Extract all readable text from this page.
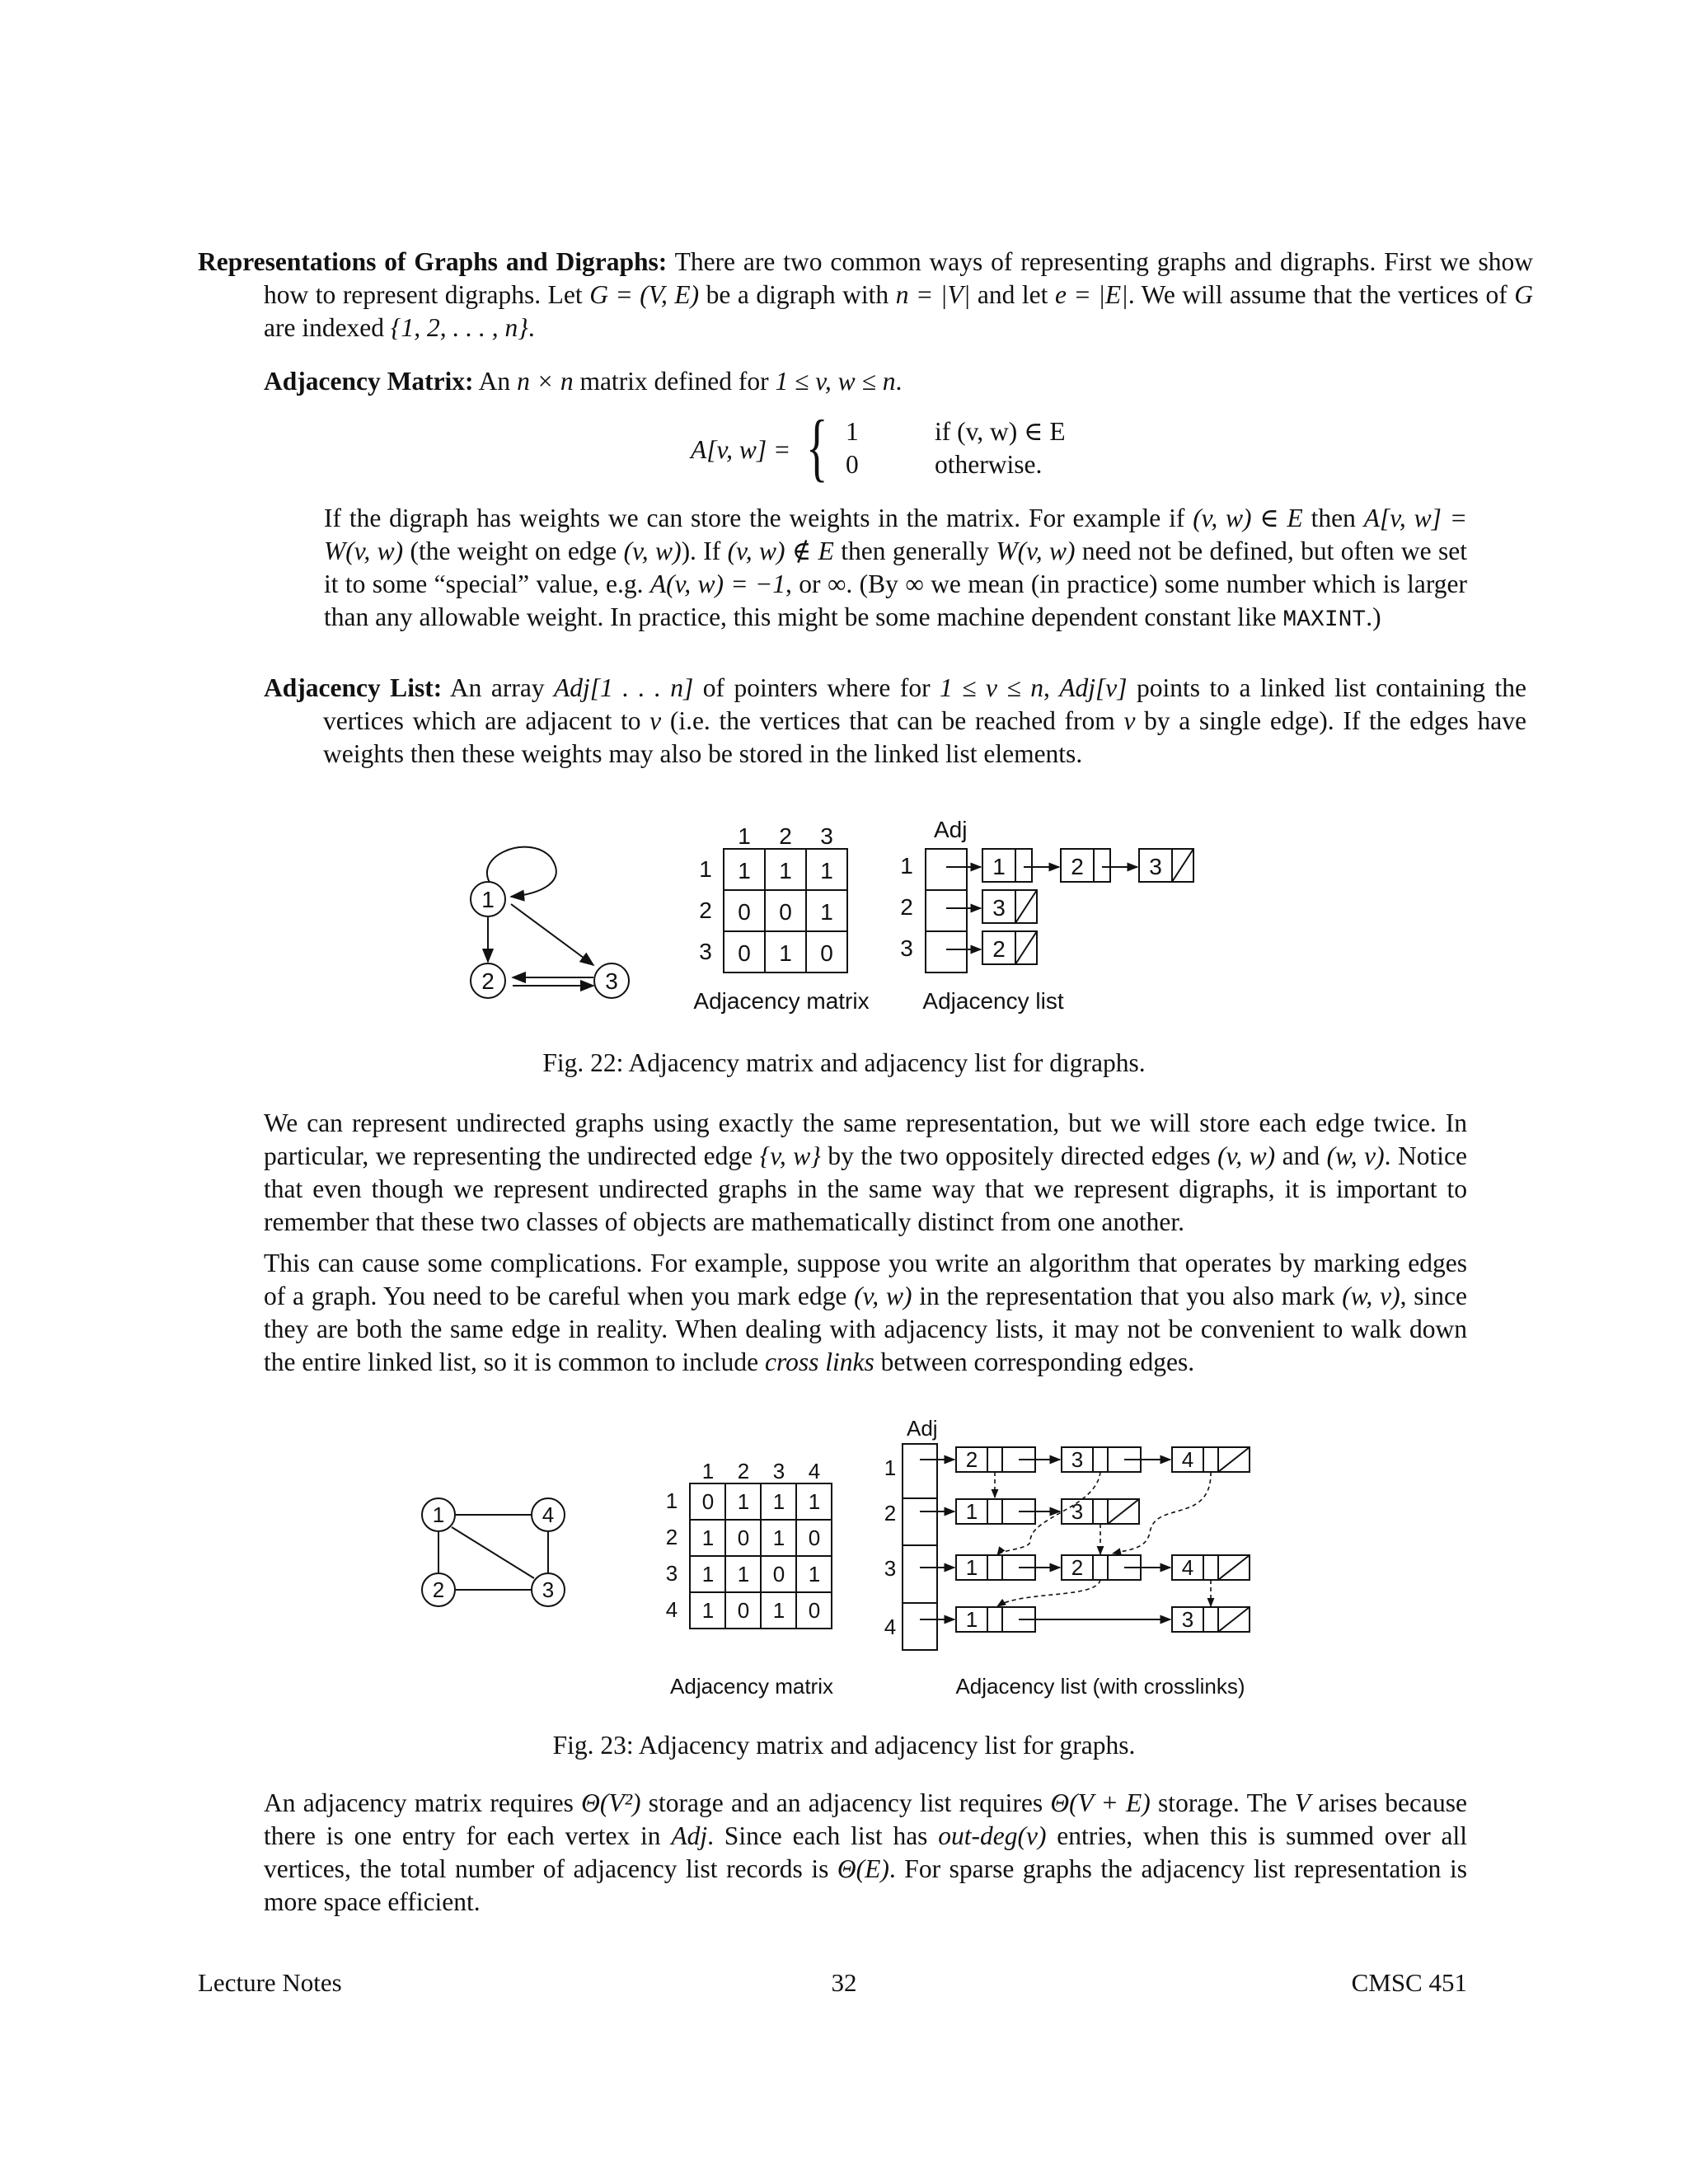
Representations of Graphs and Digraphs: There are two common ways of representing graphs and digraphs. First we show how to represent digraphs. Let G = (V, E) be a digraph with n = |V| and let e = |E|. We will assume that the vertices of G are indexed {1, 2, . . . , n}.
Adjacency Matrix: An n × n matrix defined for 1 ≤ v, w ≤ n.
A[v, w] = { 1	if (v, w) ∈ E
0	otherwise.
If the digraph has weights we can store the weights in the matrix. For example if (v, w) ∈ E then A[v, w] = W(v, w) (the weight on edge (v, w)). If (v, w) ∉ E then generally W(v, w) need not be defined, but often we set it to some “special” value, e.g. A(v, w) = −1, or ∞. (By ∞ we mean (in practice) some number which is larger than any allowable weight. In practice, this might be some machine dependent constant like MAXINT.)
Adjacency List: An array Adj[1 . . . n] of pointers where for 1 ≤ v ≤ n, Adj[v] points to a linked list containing the vertices which are adjacent to v (i.e. the vertices that can be reached from v by a single edge). If the edges have weights then these weights may also be stored in the linked list elements.
1
2	3
1 2 3
1
2
3
1 1 1
0 0 1
0 1 0
Adjacency matrix
Adj
1
2
3
Adjacency list
1	2	3
3
2
Fig. 22: Adjacency matrix and adjacency list for digraphs.
We can represent undirected graphs using exactly the same representation, but we will store each edge twice. In particular, we representing the undirected edge {v, w} by the two oppositely directed edges (v, w) and (w, v). Notice that even though we represent undirected graphs in the same way that we represent digraphs, it is important to remember that these two classes of objects are mathematically distinct from one another.
This can cause some complications. For example, suppose you write an algorithm that operates by marking edges of a graph. You need to be careful when you mark edge (v, w) in the representation that you also mark (w, v), since they are both the same edge in reality. When dealing with adjacency lists, it may not be convenient to walk down the entire linked list, so it is common to include cross links between corresponding edges.
1	4
2	3
1 2 3 4
1
2
3
4
0 1 1 1
1 0 1 0
1 1 0 1
1 0 1 0
Adjacency matrix
Adj
1
2
3
4
Adjacency list (with crosslinks)
2	3	4
1	3
1	2	4
1	3
Fig. 23: Adjacency matrix and adjacency list for graphs.
An adjacency matrix requires Θ(V²) storage and an adjacency list requires Θ(V + E) storage. The V arises because there is one entry for each vertex in Adj. Since each list has out-deg(v) entries, when this is summed over all vertices, the total number of adjacency list records is Θ(E). For sparse graphs the adjacency list representation is more space efficient.
Lecture Notes	32	CMSC 451
